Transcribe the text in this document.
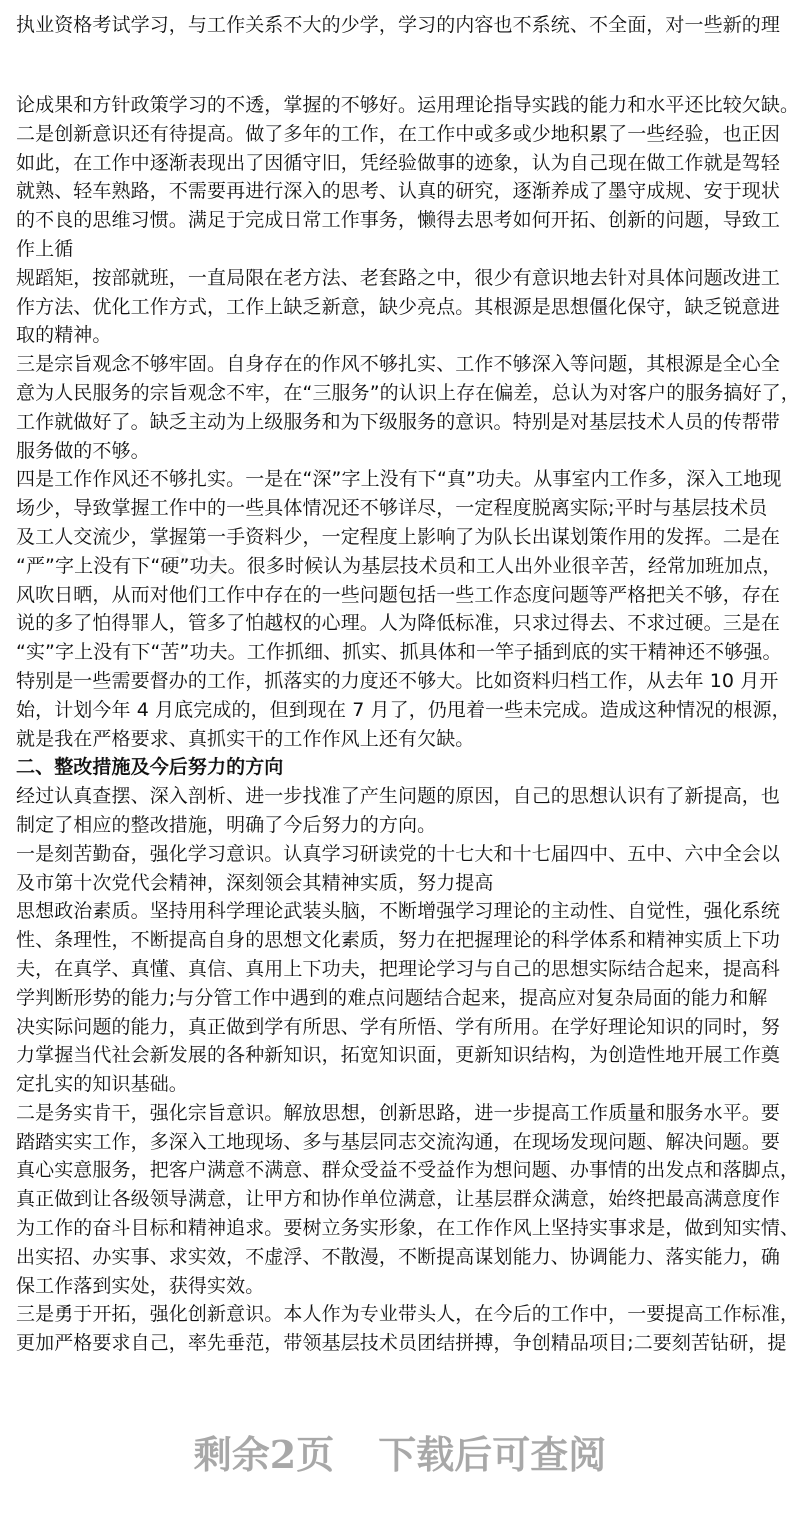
执业资格考试学习，与工作关系不大的少学，学习的内容也不系统、不全面，对一些新的理
论成果和方针政策学习的不透，掌握的不够好。运用理论指导实践的能力和水平还比较欠缺。
二是创新意识还有待提高。做了多年的工作，在工作中或多或少地积累了一些经验，也正因
如此，在工作中逐渐表现出了因循守旧，凭经验做事的迹象，认为自己现在做工作就是驾轻
就熟、轻车熟路，不需要再进行深入的思考、认真的研究，逐渐养成了墨守成规、安于现状
的不良的思维习惯。满足于完成日常工作事务，懒得去思考如何开拓、创新的问题，导致工
作上循
规蹈矩，按部就班，一直局限在老方法、老套路之中，很少有意识地去针对具体问题改进工
作方法、优化工作方式，工作上缺乏新意，缺少亮点。其根源是思想僵化保守，缺乏锐意进
取的精神。
三是宗旨观念不够牢固。自身存在的作风不够扎实、工作不够深入等问题，其根源是全心全
意为人民服务的宗旨观念不牢，在“三服务”的认识上存在偏差，总认为对客户的服务搞好了，
工作就做好了。缺乏主动为上级服务和为下级服务的意识。特别是对基层技术人员的传帮带
服务做的不够。
四是工作作风还不够扎实。一是在“深”字上没有下“真”功夫。从事室内工作多，深入工地现
场少，导致掌握工作中的一些具体情况还不够详尽，一定程度脱离实际;平时与基层技术员
及工人交流少，掌握第一手资料少，一定程度上影响了为队长出谋划策作用的发挥。二是在
“严”字上没有下“硬”功夫。很多时候认为基层技术员和工人出外业很辛苦，经常加班加点，
风吹日晒，从而对他们工作中存在的一些问题包括一些工作态度问题等严格把关不够，存在
说的多了怕得罪人，管多了怕越权的心理。人为降低标准，只求过得去、不求过硬。三是在
“实”字上没有下“苦”功夫。工作抓细、抓实、抓具体和一竿子插到底的实干精神还不够强。
特别是一些需要督办的工作，抓落实的力度还不够大。比如资料归档工作，从去年 10 月开
始，计划今年 4 月底完成的，但到现在 7 月了，仍甩着一些未完成。造成这种情况的根源，
就是我在严格要求、真抓实干的工作作风上还有欠缺。
二、整改措施及今后努力的方向
经过认真查摆、深入剖析、进一步找准了产生问题的原因，自己的思想认识有了新提高，也
制定了相应的整改措施，明确了今后努力的方向。
一是刻苦勤奋，强化学习意识。认真学习研读党的十七大和十七届四中、五中、六中全会以
及市第十次党代会精神，深刻领会其精神实质，努力提高
思想政治素质。坚持用科学理论武装头脑，不断增强学习理论的主动性、自觉性，强化系统
性、条理性，不断提高自身的思想文化素质，努力在把握理论的科学体系和精神实质上下功
夫，在真学、真懂、真信、真用上下功夫，把理论学习与自己的思想实际结合起来，提高科
学判断形势的能力;与分管工作中遇到的难点问题结合起来，提高应对复杂局面的能力和解
决实际问题的能力，真正做到学有所思、学有所悟、学有所用。在学好理论知识的同时，努
力掌握当代社会新发展的各种新知识，拓宽知识面，更新知识结构，为创造性地开展工作奠
定扎实的知识基础。
二是务实肯干，强化宗旨意识。解放思想，创新思路，进一步提高工作质量和服务水平。要
踏踏实实工作，多深入工地现场、多与基层同志交流沟通，在现场发现问题、解决问题。要
真心实意服务，把客户满意不满意、群众受益不受益作为想问题、办事情的出发点和落脚点，
真正做到让各级领导满意，让甲方和协作单位满意，让基层群众满意，始终把最高满意度作
为工作的奋斗目标和精神追求。要树立务实形象，在工作作风上坚持实事求是，做到知实情、
出实招、办实事、求实效，不虚浮、不散漫，不断提高谋划能力、协调能力、落实能力，确
保工作落到实处，获得实效。
三是勇于开拓，强化创新意识。本人作为专业带头人，在今后的工作中，一要提高工作标准，
更加严格要求自己，率先垂范，带领基层技术员团结拼搏，争创精品项目;二要刻苦钻研，提
剩余2页 下载后可查阅
